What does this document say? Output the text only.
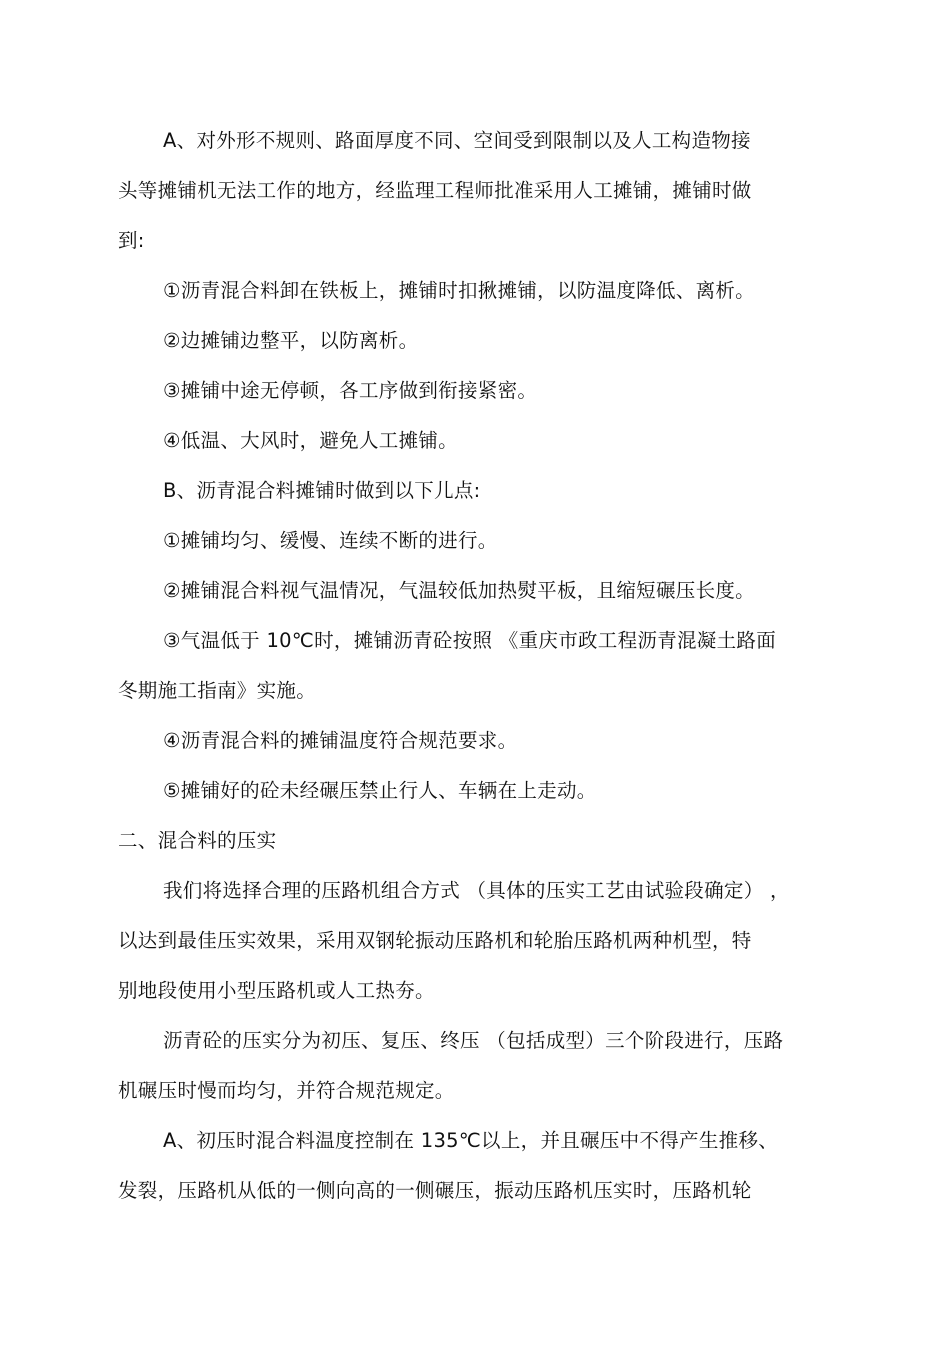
A、对外形不规则、路面厚度不同、空间受到限制以及人工构造物接
头等摊铺机无法工作的地方，经监理工程师批准采用人工摊铺，摊铺时做
到:
①沥青混合料卸在铁板上，摊铺时扣揪摊铺，以防温度降低、离析。
②边摊铺边整平，以防离析。
③摊铺中途无停顿，各工序做到衔接紧密。
④低温、大风时，避免人工摊铺。
B、沥青混合料摊铺时做到以下儿点:
①摊铺均匀、缓慢、连续不断的进行。
②摊铺混合料视气温情况，气温较低加热熨平板，且缩短碾压长度。
③气温低于 10℃时，摊铺沥青砼按照 《重庆市政工程沥青混凝土路面
冬期施工指南》实施。
④沥青混合料的摊铺温度符合规范要求。
⑤摊铺好的砼未经碾压禁止行人、车辆在上走动。
二、混合料的压实
我们将选择合理的压路机组合方式 （具体的压实工艺由试验段确定） ，
以达到最佳压实效果，采用双钢轮振动压路机和轮胎压路机两种机型，特
别地段使用小型压路机或人工热夯。
沥青砼的压实分为初压、复压、终压 （包括成型）三个阶段进行，压路
机碾压时慢而均匀，并符合规范规定。
A、初压时混合料温度控制在 135℃以上，并且碾压中不得产生推移、
发裂，压路机从低的一侧向高的一侧碾压，振动压路机压实时，压路机轮
